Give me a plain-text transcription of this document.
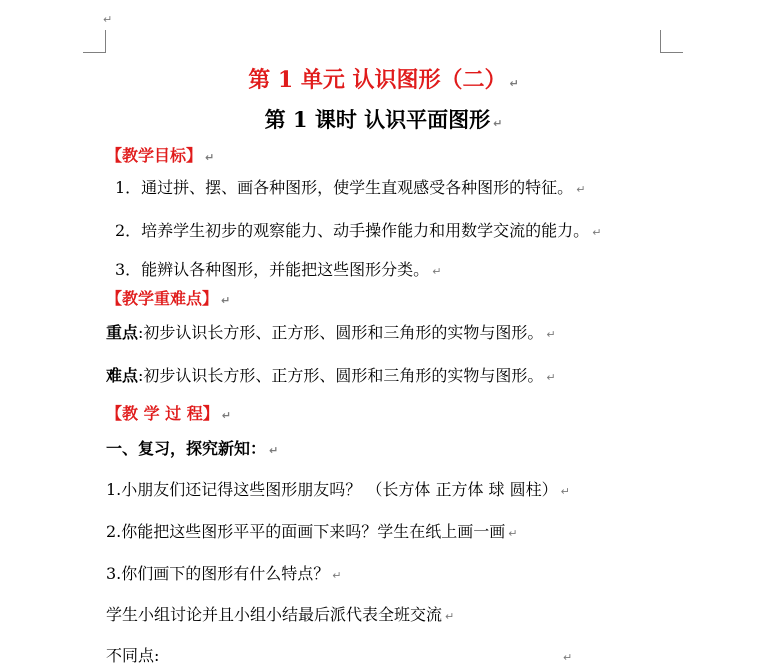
↵
第 1 单元 认识图形（二） ↵
第 1 课时 认识平面图形 ↵
【教学目标】 ↵
1．通过拼、摆、画各种图形，使学生直观感受各种图形的特征。 ↵
2．培养学生初步的观察能力、动手操作能力和用数学交流的能力。 ↵
3．能辨认各种图形，并能把这些图形分类。 ↵
【教学重难点】 ↵
重点:初步认识长方形、正方形、圆形和三角形的实物与图形。 ↵
难点:初步认识长方形、正方形、圆形和三角形的实物与图形。 ↵
【教 学 过 程】 ↵
一、复习，探究新知： ↵
1.小朋友们还记得这些图形朋友吗？ （长方体 正方体 球 圆柱） ↵
2.你能把这些图形平平的面画下来吗？学生在纸上画一画 ↵
3.你们画下的图形有什么特点？ ↵
学生小组讨论并且小组小结最后派代表全班交流 ↵
不同点:	↵
